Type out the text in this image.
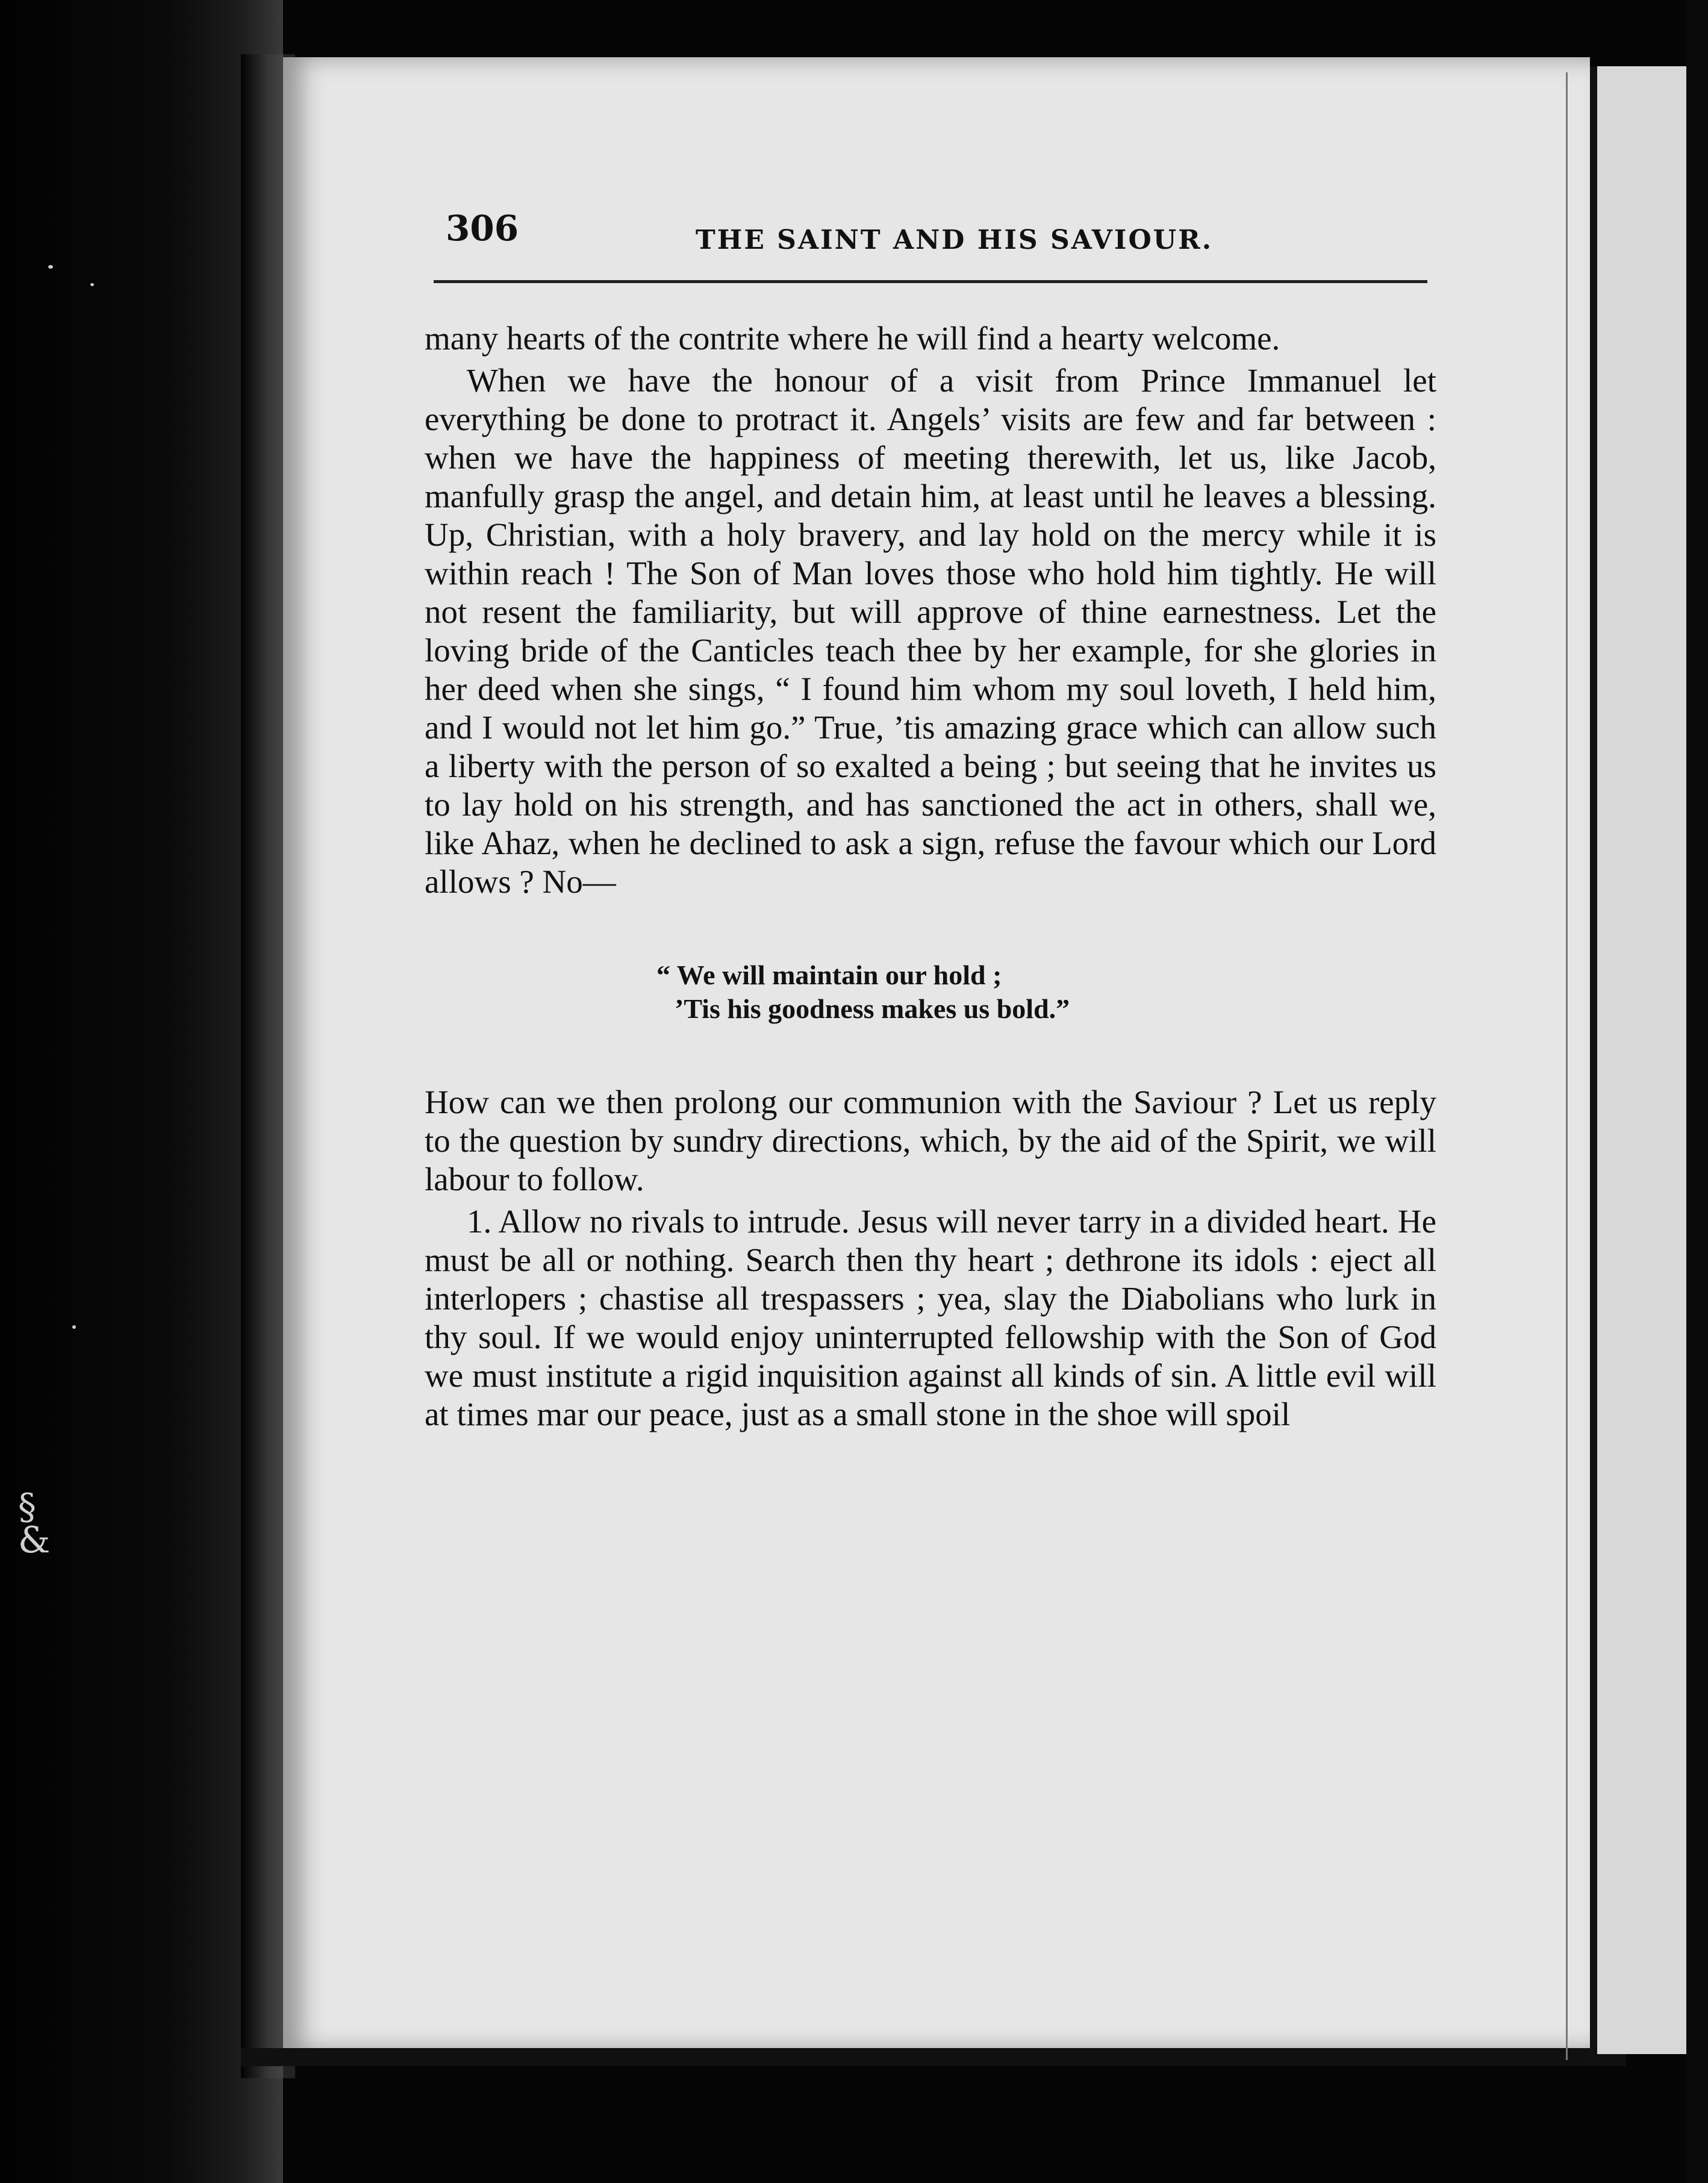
§
&
306	THE SAINT AND HIS SAVIOUR.

many hearts of the contrite where he will find a hearty welcome.

When we have the honour of a visit from Prince Immanuel let everything be done to protract it. Angels’ visits are few and far between : when we have the happiness of meeting therewith, let us, like Jacob, manfully grasp the angel, and detain him, at least until he leaves a blessing. Up, Christian, with a holy bravery, and lay hold on the mercy while it is within reach ! The Son of Man loves those who hold him tightly. He will not resent the familiarity, but will approve of thine earnestness. Let the loving bride of the Canticles teach thee by her example, for she glories in her deed when she sings, “ I found him whom my soul loveth, I held him, and I would not let him go.” True, ’tis amazing grace which can allow such a liberty with the person of so exalted a being ; but seeing that he invites us to lay hold on his strength, and has sanctioned the act in others, shall we, like Ahaz, when he declined to ask a sign, refuse the favour which our Lord allows ? No—

“ We will maintain our hold ;
’Tis his goodness makes us bold.”

How can we then prolong our communion with the Saviour ? Let us reply to the question by sundry directions, which, by the aid of the Spirit, we will labour to follow.

1. Allow no rivals to intrude. Jesus will never tarry in a divided heart. He must be all or nothing. Search then thy heart ; dethrone its idols : eject all interlopers ; chastise all trespassers ; yea, slay the Diabolians who lurk in thy soul. If we would enjoy uninterrupted fellowship with the Son of God we must institute a rigid inquisition against all kinds of sin. A little evil will at times mar our peace, just as a small stone in the shoe will spoil
